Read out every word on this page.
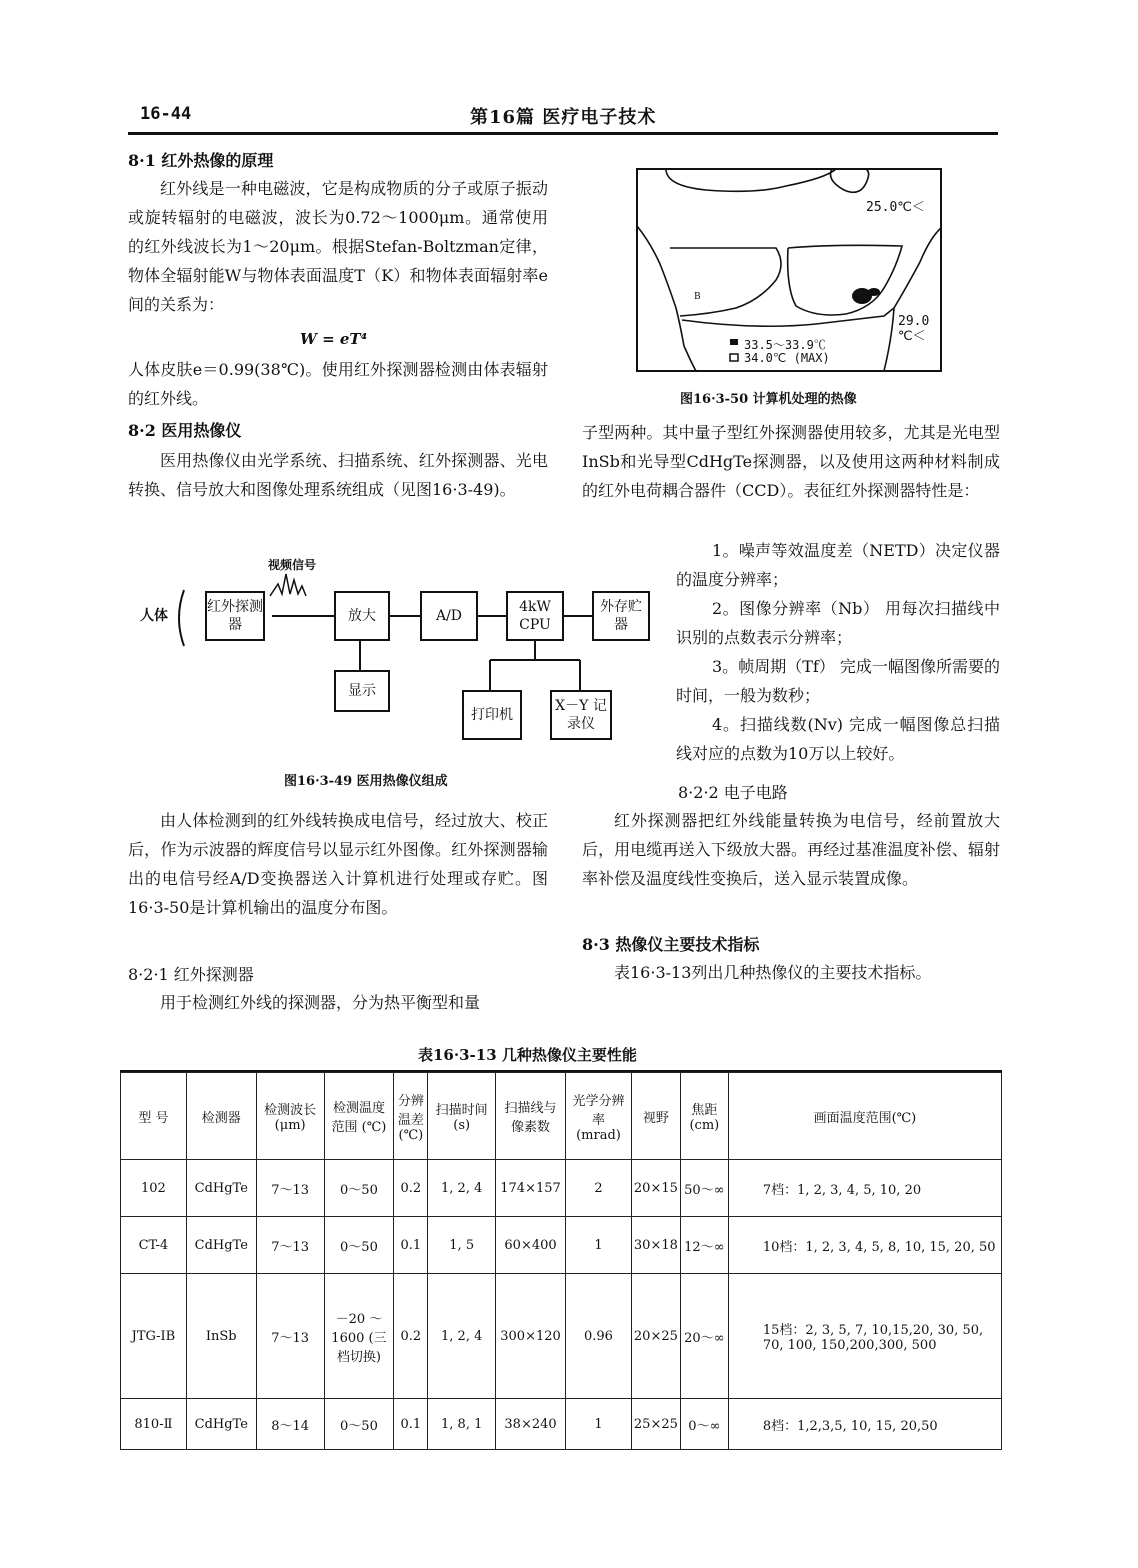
16-44	第16篇 医疗电子技术
8·1 红外热像的原理
红外线是一种电磁波，它是构成物质的分子或原子振动或旋转辐射的电磁波，波长为0.72～1000μm。通常使用的红外线波长为1～20μm。根据Stefan-Boltzman定律，物体全辐射能W与物体表面温度T（K）和物体表面辐射率e间的关系为：
W = eT⁴
人体皮肤e＝0.99(38℃)。使用红外探测器检测由体表辐射的红外线。
8·2 医用热像仪
医用热像仪由光学系统、扫描系统、红外探测器、光电转换、信号放大和图像处理系统组成（见图16·3-49)。
人体
视频信号
红外探测器
放大	A/D
4kW CPU
外存贮器
显示
打印机
X－Y 记录仪
图16·3-49 医用热像仪组成
由人体检测到的红外线转换成电信号，经过放大、校正后，作为示波器的辉度信号以显示红外图像。红外探测器输出的电信号经A/D变换器送入计算机进行处理或存贮。图16·3-50是计算机输出的温度分布图。
8·2·1 红外探测器
用于检测红外线的探测器，分为热平衡型和量
25.0℃＜
29.0 ℃＜
33.5～33.9℃
34.0℃ (MAX)
B
图16·3-50 计算机处理的热像
子型两种。其中量子型红外探测器使用较多，尤其是光电型InSb和光导型CdHgTe探测器，以及使用这两种材料制成的红外电荷耦合器件（CCD）。表征红外探测器特性是：
1。噪声等效温度差（NETD）决定仪器的温度分辨率；
2。图像分辨率（Nb） 用每次扫描线中识别的点数表示分辨率；
3。帧周期（Tf） 完成一幅图像所需要的时间，一般为数秒；
4。扫描线数(Nv) 完成一幅图像总扫描线对应的点数为10万以上较好。
8·2·2 电子电路
红外探测器把红外线能量转换为电信号，经前置放大后，用电缆再送入下级放大器。再经过基准温度补偿、辐射率补偿及温度线性变换后，送入显示装置成像。
8·3 热像仪主要技术指标
表16·3-13列出几种热像仪的主要技术指标。
表16·3-13 几种热像仪主要性能
型 号	检测器	检测波长 (μm)	检测温度范围 (℃)	分辨温差 (℃)	扫描时间 (s)	扫描线与像素数	光学分辨率 (mrad)	视野	焦距 (cm)	画面温度范围(℃)
102	CdHgTe	7～13	0～50	0.2	1, 2, 4	174×157	2	20×15	50～∞	7档：1, 2, 3, 4, 5, 10, 20
CT-4	CdHgTe	7～13	0～50	0.1	1, 5	60×400	1	30×18	12～∞	10档：1, 2, 3, 4, 5, 8, 10, 15, 20, 50
JTG-IB	InSb	7～13	－20 ～1600 (三档切换)	0.2	1, 2, 4	300×120	0.96	20×25	20～∞	15档：2, 3, 5, 7, 10,15,20, 30, 50, 70, 100, 150,200,300, 500
810-Ⅱ	CdHgTe	8～14	0～50	0.1	1, 8, 1	38×240	1	25×25	0～∞	8档：1,2,3,5, 10, 15, 20,50
